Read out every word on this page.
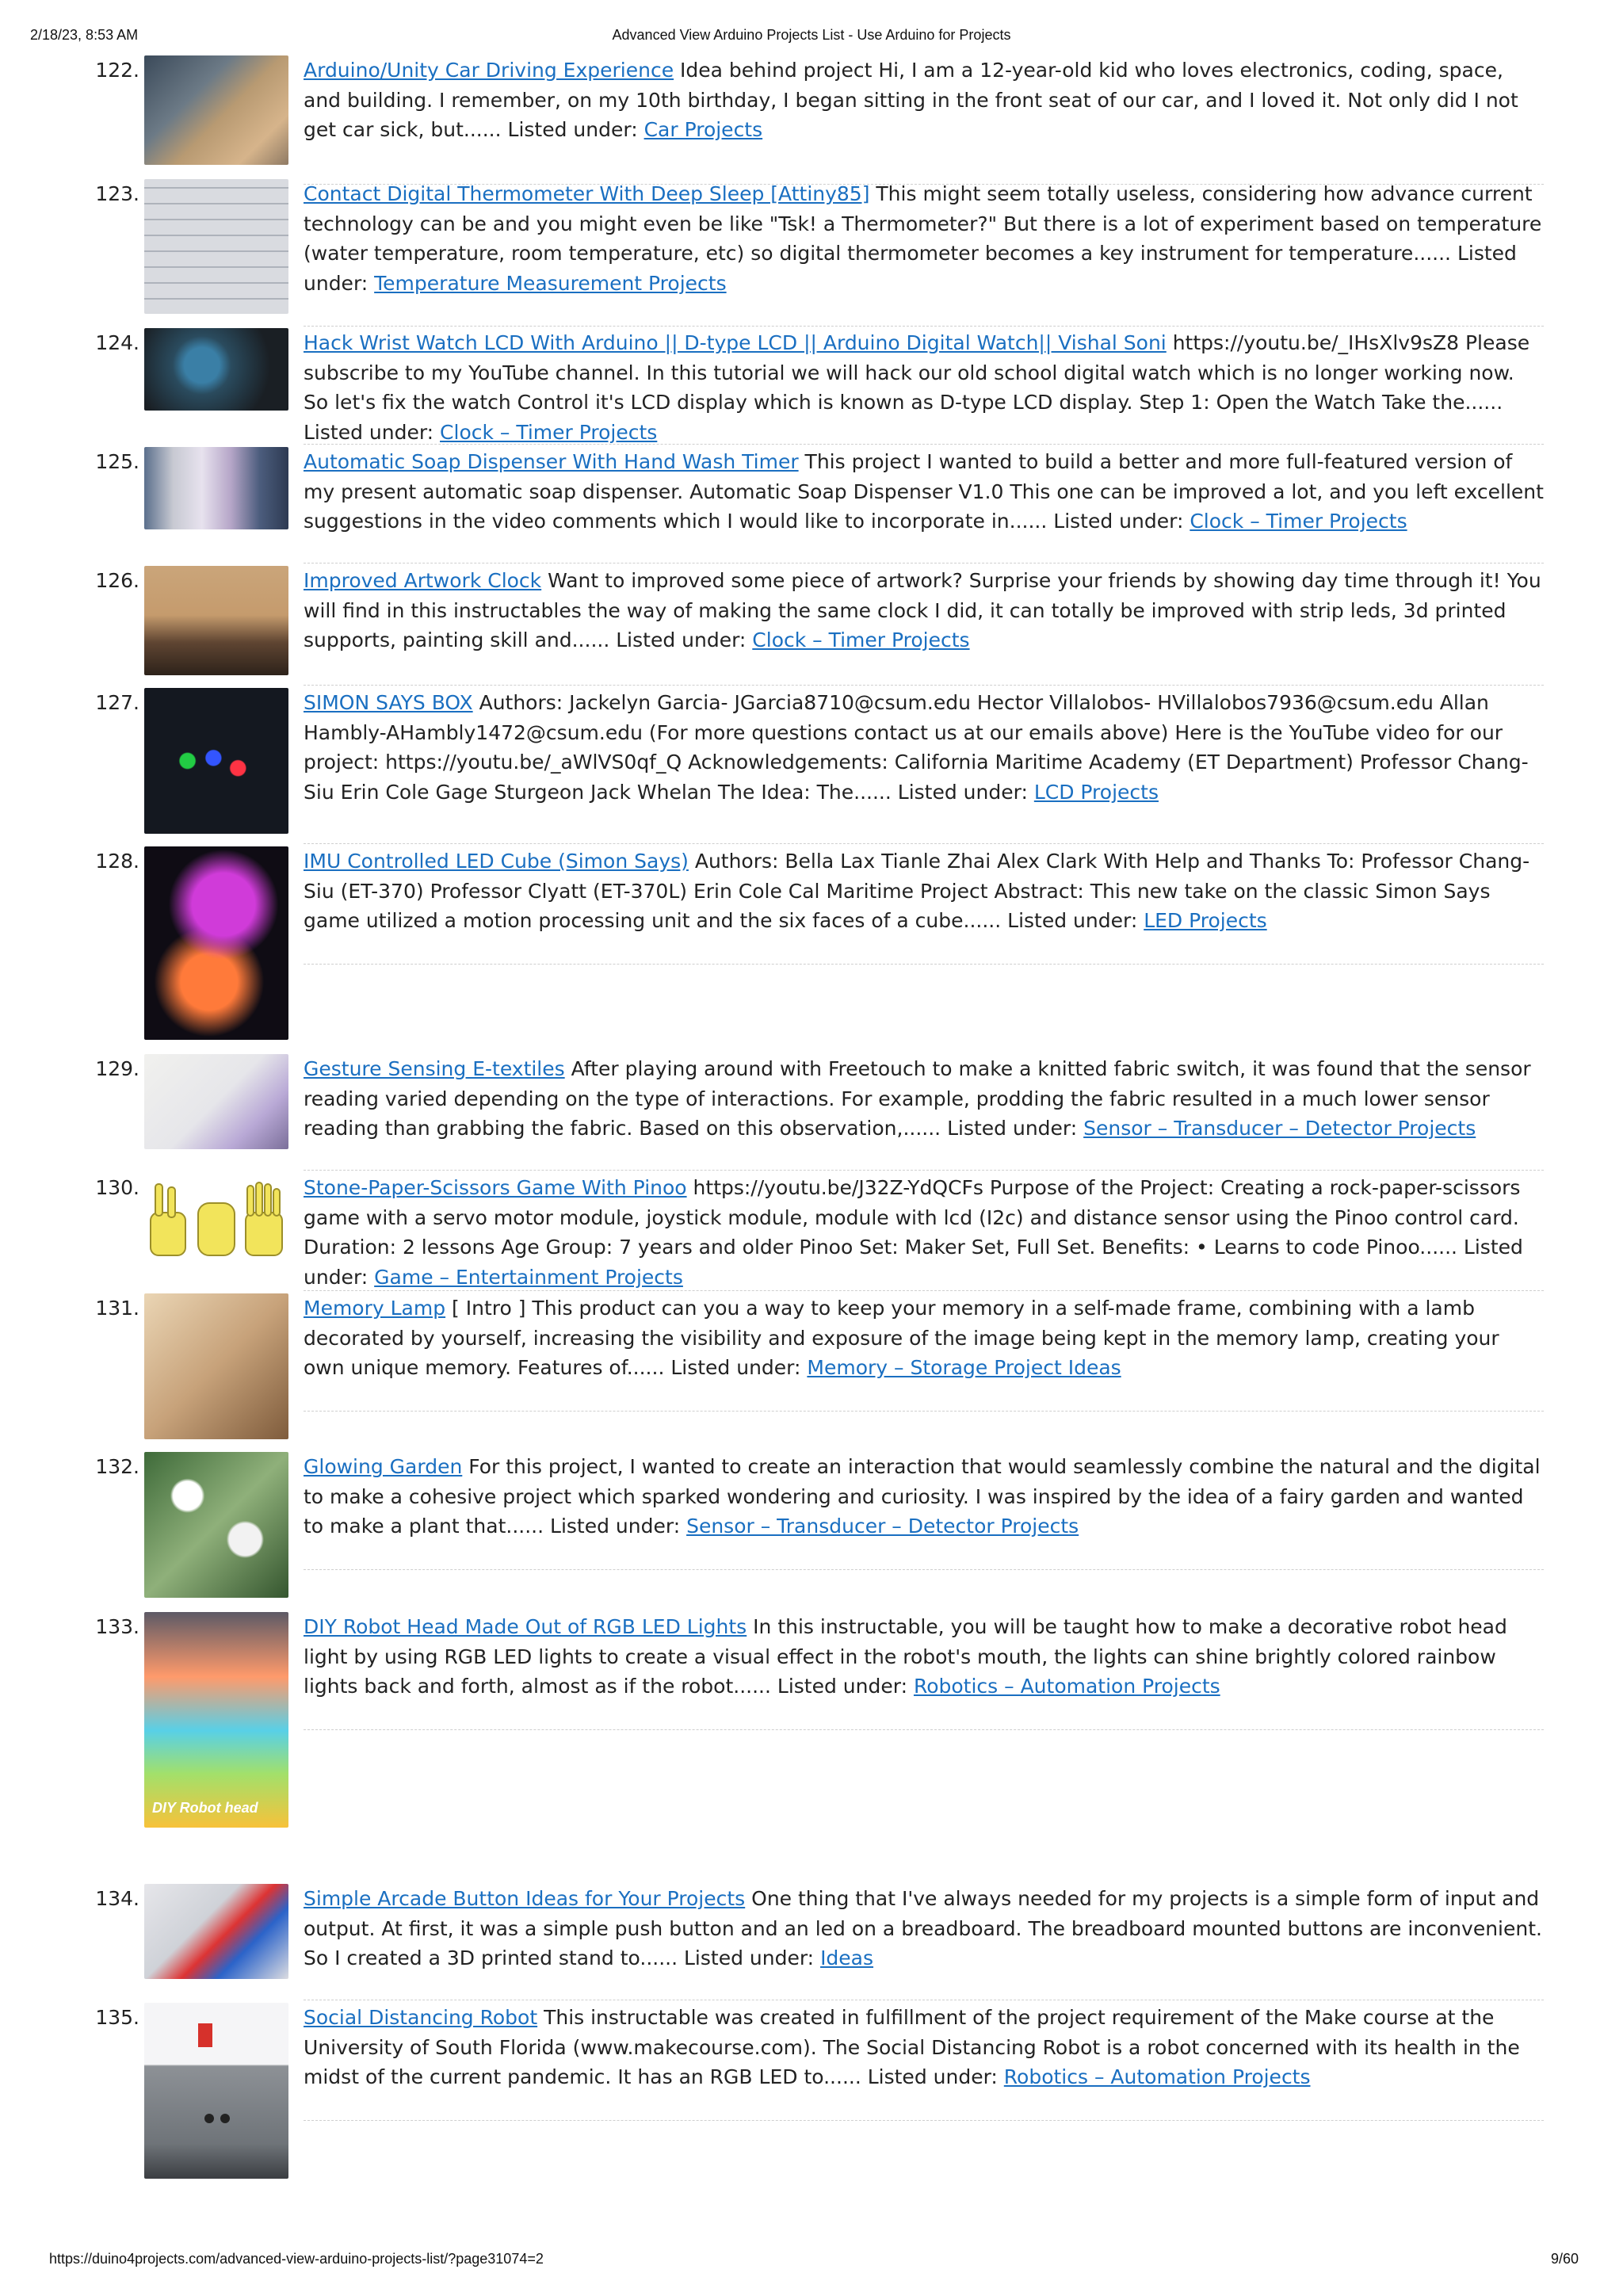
2/18/23, 8:53 AM	Advanced View Arduino Projects List - Use Arduino for Projects
122.	Arduino/Unity Car Driving Experience Idea behind project Hi, I am a 12-year-old kid who loves electronics, coding, space, and building. I remember, on my 10th birthday, I began sitting in the front seat of our car, and I loved it. Not only did I not get car sick, but...... Listed under: Car Projects
123.	Contact Digital Thermometer With Deep Sleep [Attiny85] This might seem totally useless, considering how advance current technology can be and you might even be like "Tsk! a Thermometer?" But there is a lot of experiment based on temperature (water temperature, room temperature, etc) so digital thermometer becomes a key instrument for temperature...... Listed under: Temperature Measurement Projects
124.	Hack Wrist Watch LCD With Arduino || D-type LCD || Arduino Digital Watch|| Vishal Soni https://youtu.be/_IHsXlv9sZ8 Please subscribe to my YouTube channel. In this tutorial we will hack our old school digital watch which is no longer working now. So let's fix the watch Control it's LCD display which is known as D-type LCD display. Step 1: Open the Watch Take the...... Listed under: Clock – Timer Projects
125.	Automatic Soap Dispenser With Hand Wash Timer This project I wanted to build a better and more full-featured version of my present automatic soap dispenser. Automatic Soap Dispenser V1.0 This one can be improved a lot, and you left excellent suggestions in the video comments which I would like to incorporate in...... Listed under: Clock – Timer Projects
126.	Improved Artwork Clock Want to improved some piece of artwork? Surprise your friends by showing day time through it! You will find in this instructables the way of making the same clock I did, it can totally be improved with strip leds, 3d printed supports, painting skill and...... Listed under: Clock – Timer Projects
127.	SIMON SAYS BOX Authors: Jackelyn Garcia- JGarcia8710@csum.edu Hector Villalobos- HVillalobos7936@csum.edu Allan Hambly-AHambly1472@csum.edu (For more questions contact us at our emails above) Here is the YouTube video for our project: https://youtu.be/_aWlVS0qf_Q Acknowledgements: California Maritime Academy (ET Department) Professor Chang-Siu Erin Cole Gage Sturgeon Jack Whelan The Idea: The...... Listed under: LCD Projects
128.	IMU Controlled LED Cube (Simon Says) Authors: Bella Lax Tianle Zhai Alex Clark With Help and Thanks To: Professor Chang-Siu (ET-370) Professor Clyatt (ET-370L) Erin Cole Cal Maritime Project Abstract: This new take on the classic Simon Says game utilized a motion processing unit and the six faces of a cube...... Listed under: LED Projects
129.	Gesture Sensing E-textiles After playing around with Freetouch to make a knitted fabric switch, it was found that the sensor reading varied depending on the type of interactions. For example, prodding the fabric resulted in a much lower sensor reading than grabbing the fabric. Based on this observation,...... Listed under: Sensor – Transducer – Detector Projects
130.	Stone-Paper-Scissors Game With Pinoo https://youtu.be/J32Z-YdQCFs Purpose of the Project: Creating a rock-paper-scissors game with a servo motor module, joystick module, module with lcd (I2c) and distance sensor using the Pinoo control card. Duration: 2 lessons Age Group: 7 years and older Pinoo Set: Maker Set, Full Set. Benefits: • Learns to code Pinoo...... Listed under: Game – Entertainment Projects
131.	Memory Lamp [ Intro ] This product can you a way to keep your memory in a self-made frame, combining with a lamb decorated by yourself, increasing the visibility and exposure of the image being kept in the memory lamp, creating your own unique memory. Features of...... Listed under: Memory – Storage Project Ideas
132.	Glowing Garden For this project, I wanted to create an interaction that would seamlessly combine the natural and the digital to make a cohesive project which sparked wondering and curiosity. I was inspired by the idea of a fairy garden and wanted to make a plant that...... Listed under: Sensor – Transducer – Detector Projects
133.
DIY Robot head
DIY Robot Head Made Out of RGB LED Lights In this instructable, you will be taught how to make a decorative robot head light by using RGB LED lights to create a visual effect in the robot's mouth, the lights can shine brightly colored rainbow lights back and forth, almost as if the robot...... Listed under: Robotics – Automation Projects
134.	Simple Arcade Button Ideas for Your Projects One thing that I've always needed for my projects is a simple form of input and output. At first, it was a simple push button and an led on a breadboard. The breadboard mounted buttons are inconvenient. So I created a 3D printed stand to...... Listed under: Ideas
135.	Social Distancing Robot This instructable was created in fulfillment of the project requirement of the Make course at the University of South Florida (www.makecourse.com). The Social Distancing Robot is a robot concerned with its health in the midst of the current pandemic. It has an RGB LED to...... Listed under: Robotics – Automation Projects
https://duino4projects.com/advanced-view-arduino-projects-list/?page31074=2	9/60
